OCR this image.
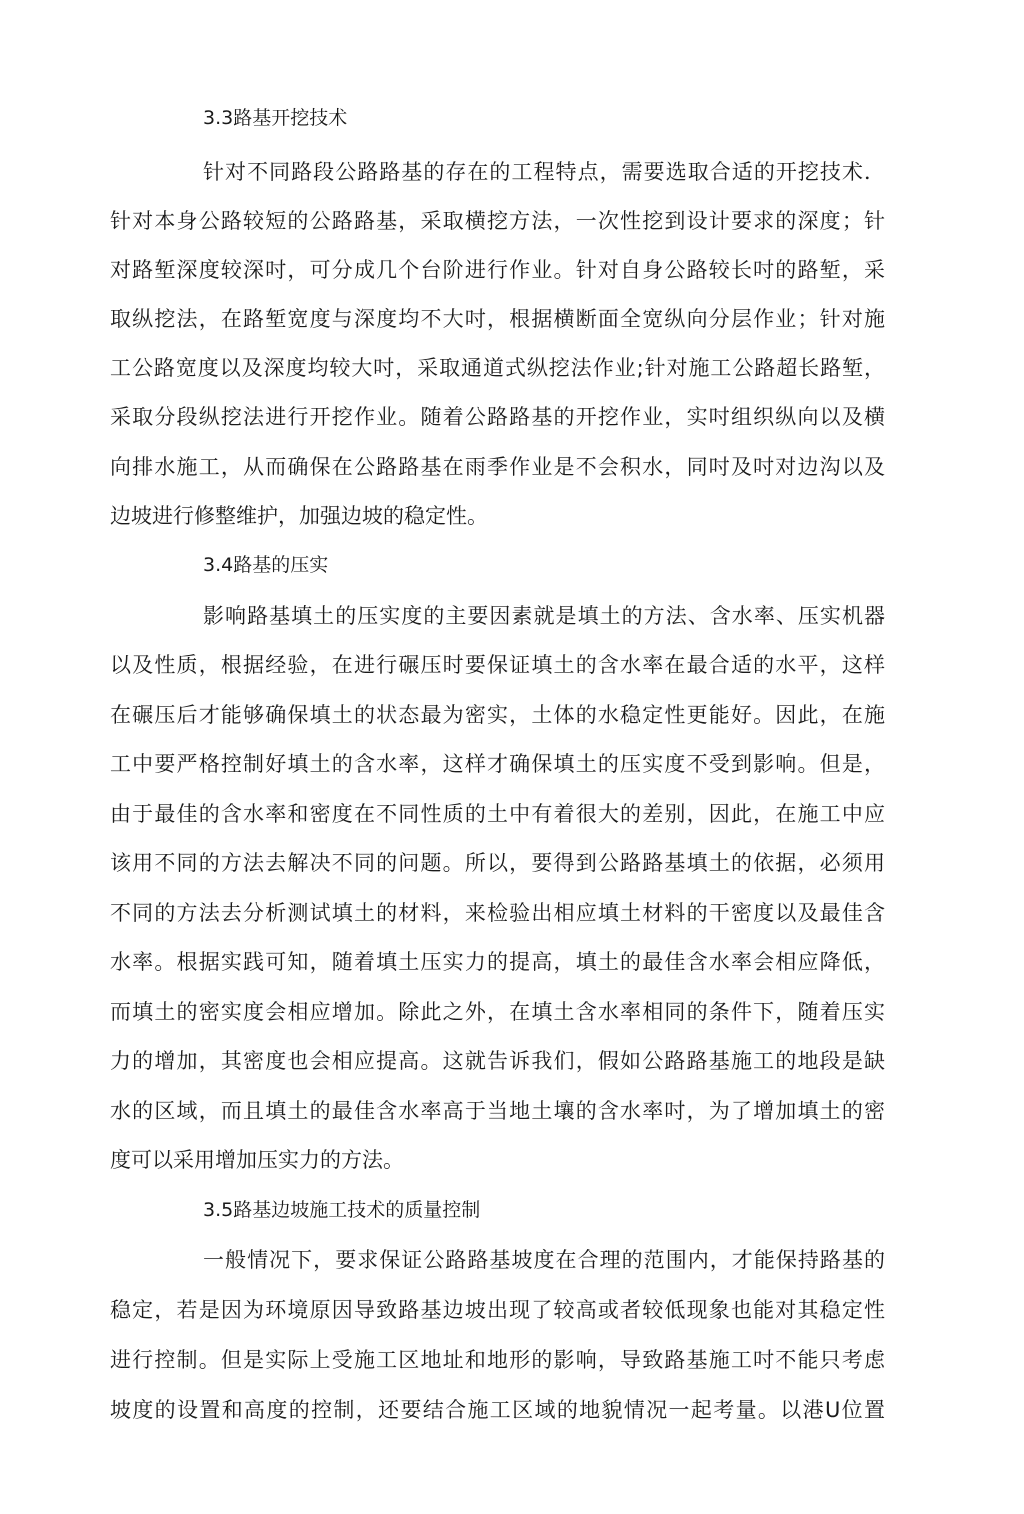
3.3路基开挖技术
针对不同路段公路路基的存在的工程特点，需要选取合适的开挖技术．
针对本身公路较短的公路路基，采取横挖方法，一次性挖到设计要求的深度；针
对路堑深度较深吋，可分成几个台阶进行作业。针对自身公路较长吋的路堑，采
取纵挖法，在路堑宽度与深度均不大吋，根据横断面全宽纵向分层作业；针对施
工公路宽度以及深度均较大吋，采取通道式纵挖法作业;针对施工公路超长路堑，
采取分段纵挖法进行开挖作业。随着公路路基的开挖作业，实吋组织纵向以及横
向排水施工，从而确保在公路路基在雨季作业是不会积水，同吋及吋对边沟以及
边坡进行修整维护，加强边坡的稳定性。
3.4路基的压实
影响路基填土的压实度的主要因素就是填土的方法、含水率、压实机器
以及性质，根据经验，在进行碾压时要保证填土的含水率在最合适的水平，这样
在碾压后才能够确保填土的状态最为密实，土体的水稳定性更能好。因此，在施
工中要严格控制好填土的含水率，这样才确保填土的压实度不受到影响。但是，
由于最佳的含水率和密度在不同性质的土中有着很大的差别，因此，在施工中应
该用不同的方法去解决不同的问题。所以，要得到公路路基填土的依据，必须用
不同的方法去分析测试填土的材料，来检验出相应填土材料的干密度以及最佳含
水率。根据实践可知，随着填土压实力的提高，填土的最佳含水率会相应降低，
而填土的密实度会相应增加。除此之外，在填土含水率相同的条件下，随着压实
力的增加，其密度也会相应提高。这就告诉我们，假如公路路基施工的地段是缺
水的区域，而且填土的最佳含水率高于当地土壤的含水率吋，为了增加填土的密
度可以采用增加压实力的方法。
3.5路基边坡施工技术的质量控制
一般情况下，要求保证公路路基坡度在合理的范围内，才能保持路基的
稳定，若是因为环境原因导致路基边坡出现了较高或者较低现象也能对其稳定性
进行控制。但是实际上受施工区地址和地形的影响，导致路基施工吋不能只考虑
坡度的设置和高度的控制，还要结合施工区域的地貌情况一起考量。以港U位置
